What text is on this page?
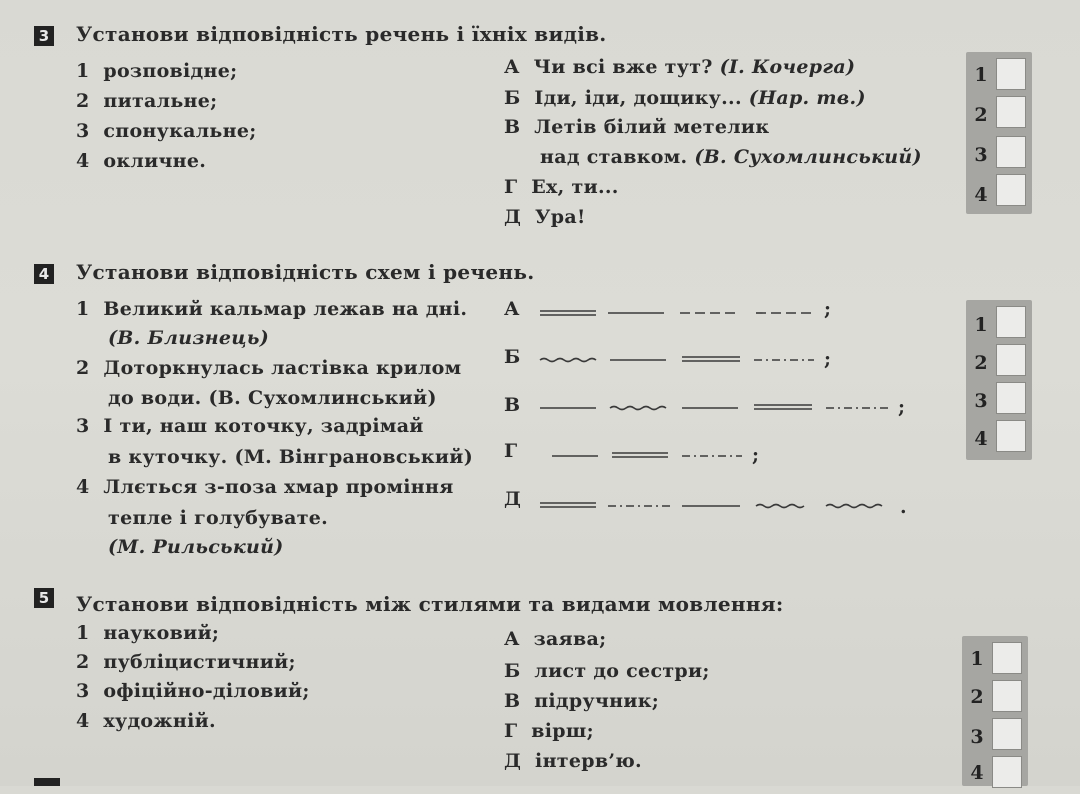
3 Установи відповідність речень і їхніх видів.
1 розповідне;
2 питальне;
3 спонукальне;
4 окличне.
А Чи всі вже тут? (І. Кочерга)
Б Іди, іди, дощику... (Нар. тв.)
В Летів білий метелик
над ставком. (В. Сухомлинський)
Г Ех, ти...
Д Ура!
1
2
3
4
4 Установи відповідність схем і речень.
1 Великий кальмар лежав на дні.
(В. Близнець)
2 Доторкнулась ластівка крилом
до води. (В. Сухомлинський)
3 І ти, наш коточку, задрімай
в куточку. (М. Вінграновський)
4 Ллється з-поза хмар проміння
тепле і голубувате.
(М. Рильський)
А
Б
В
Г
Д
;
;
;
;
.
1
2
3
4
5 Установи відповідність між стилями та видами мовлення:
1 науковий;
2 публіцистичний;
3 офіційно-діловий;
4 художній.
А заява;
Б лист до сестри;
В підручник;
Г вірш;
Д інтерв’ю.
1
2
3
4
